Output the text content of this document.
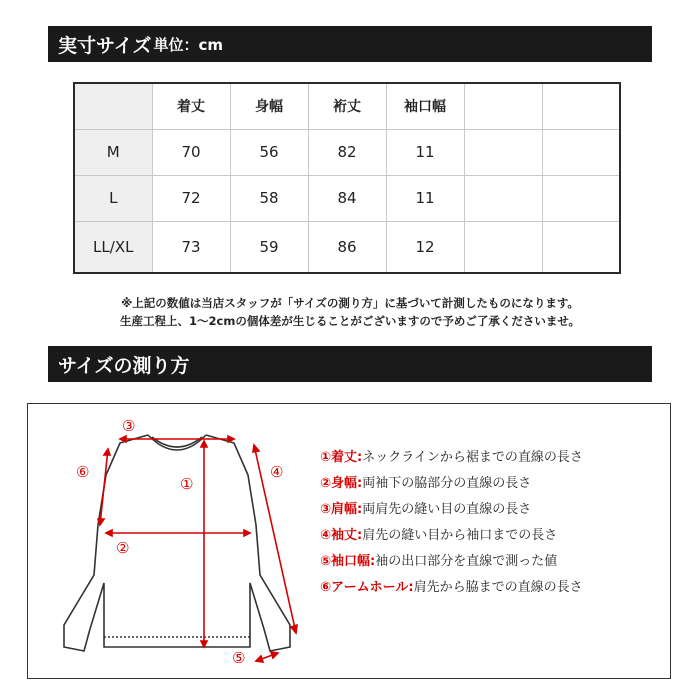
実寸サイズ 単位：cm
	着丈	身幅	裄丈	袖口幅		
M	70	56	82	11		
L	72	58	84	11		
LL/XL	73	59	86	12		
※上記の数値は当店スタッフが「サイズの測り方」に基づいて計測したものになります。
生産工程上、1〜2cmの個体差が生じることがございますので予めご了承くださいませ。
サイズの測り方
③
①
②
⑥	④
⑤
①着丈:ネックラインから裾までの直線の長さ
②身幅:両袖下の脇部分の直線の長さ
③肩幅:両肩先の縫い目の直線の長さ
④袖丈:肩先の縫い目から袖口までの長さ
⑤袖口幅:袖の出口部分を直線で測った値
⑥アームホール:肩先から脇までの直線の長さ
